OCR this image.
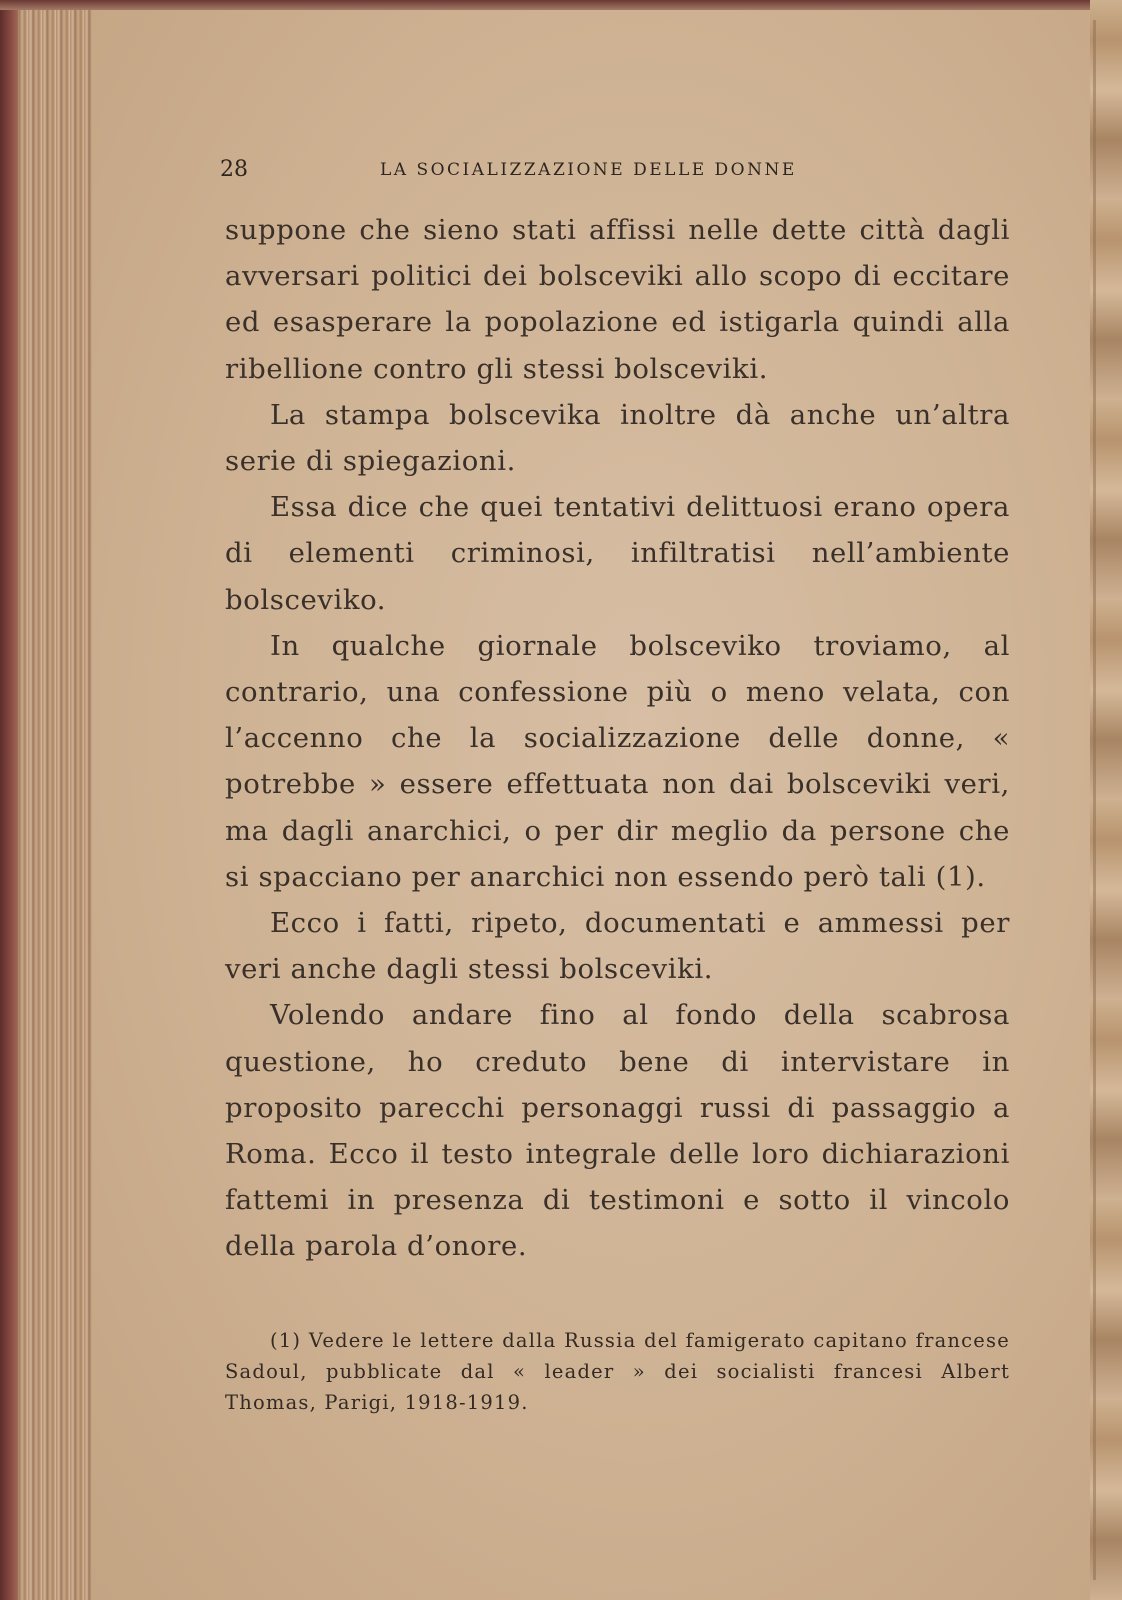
28	LA SOCIALIZZAZIONE DELLE DONNE

suppone che sieno stati affissi nelle dette città dagli avversari politici dei bolsceviki allo scopo di eccitare ed esasperare la popolazione ed istigarla quindi alla ribellione contro gli stessi bolsceviki.

La stampa bolscevika inoltre dà anche un’altra serie di spiegazioni.

Essa dice che quei tentativi delittuosi erano opera di elementi criminosi, infiltratisi nell’ambiente bolsceviko.

In qualche giornale bolsceviko troviamo, al contrario, una confessione più o meno velata, con l’accenno che la socializzazione delle donne, « potrebbe » essere effettuata non dai bolsceviki veri, ma dagli anarchici, o per dir meglio da persone che si spacciano per anarchici non essendo però tali (1).

Ecco i fatti, ripeto, documentati e ammessi per veri anche dagli stessi bolsceviki.

Volendo andare fino al fondo della scabrosa questione, ho creduto bene di intervistare in proposito parecchi personaggi russi di passaggio a Roma. Ecco il testo integrale delle loro dichiarazioni fattemi in presenza di testimoni e sotto il vincolo della parola d’onore.

(1) Vedere le lettere dalla Russia del famigerato capitano francese Sadoul, pubblicate dal « leader » dei socialisti francesi Albert Thomas, Parigi, 1918-1919.
